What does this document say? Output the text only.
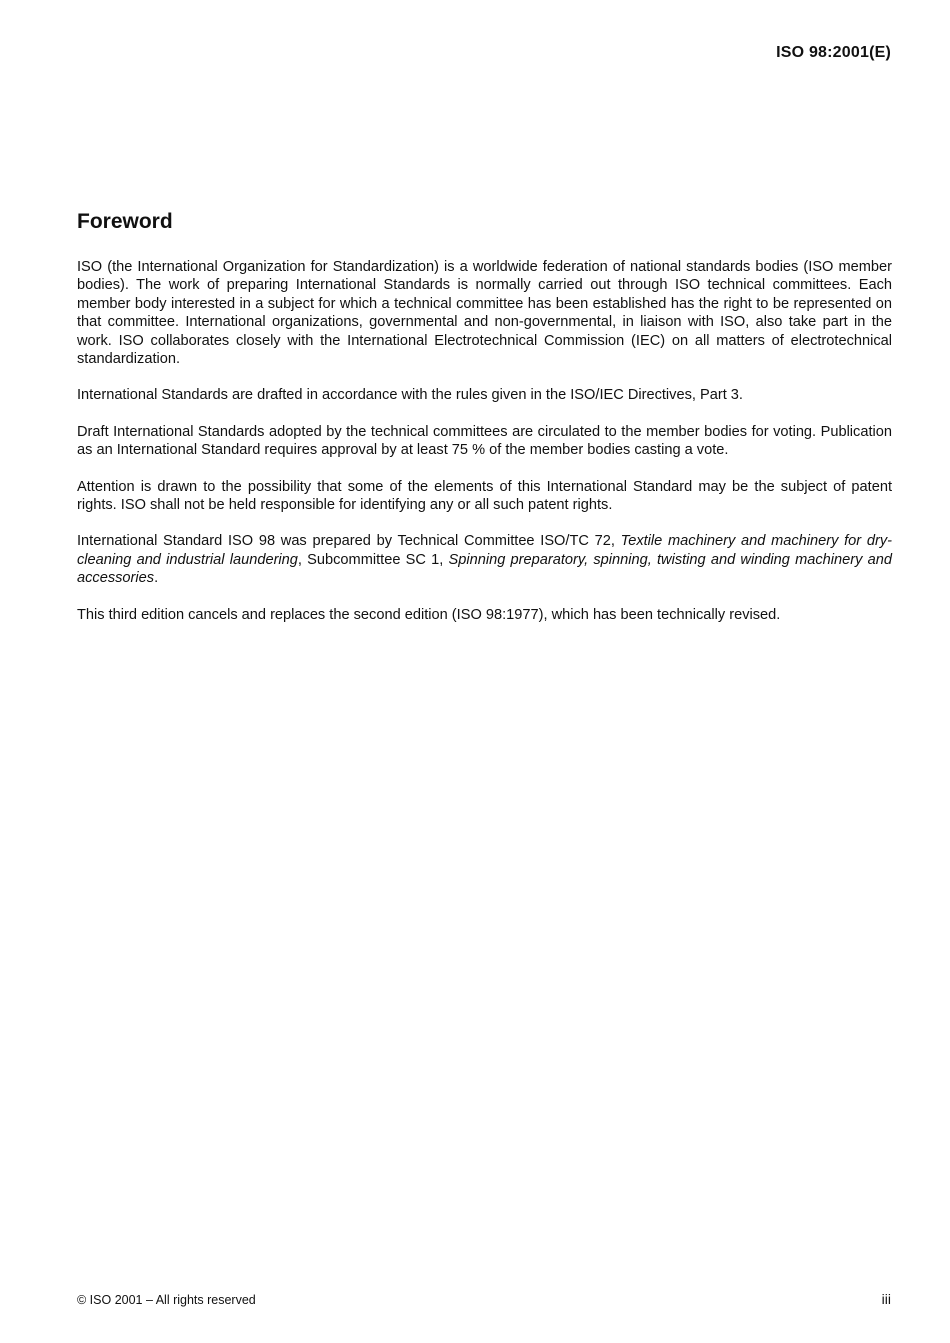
ISO 98:2001(E)
Foreword

ISO (the International Organization for Standardization) is a worldwide federation of national standards bodies (ISO member bodies). The work of preparing International Standards is normally carried out through ISO technical committees. Each member body interested in a subject for which a technical committee has been established has the right to be represented on that committee. International organizations, governmental and non-governmental, in liaison with ISO, also take part in the work. ISO collaborates closely with the International Electrotechnical Commission (IEC) on all matters of electrotechnical standardization.

International Standards are drafted in accordance with the rules given in the ISO/IEC Directives, Part 3.

Draft International Standards adopted by the technical committees are circulated to the member bodies for voting. Publication as an International Standard requires approval by at least 75 % of the member bodies casting a vote.

Attention is drawn to the possibility that some of the elements of this International Standard may be the subject of patent rights. ISO shall not be held responsible for identifying any or all such patent rights.

International Standard ISO 98 was prepared by Technical Committee ISO/TC 72, Textile machinery and machinery for dry-cleaning and industrial laundering, Subcommittee SC 1, Spinning preparatory, spinning, twisting and winding machinery and accessories.

This third edition cancels and replaces the second edition (ISO 98:1977), which has been technically revised.

© ISO 2001 – All rights reserved	iii
